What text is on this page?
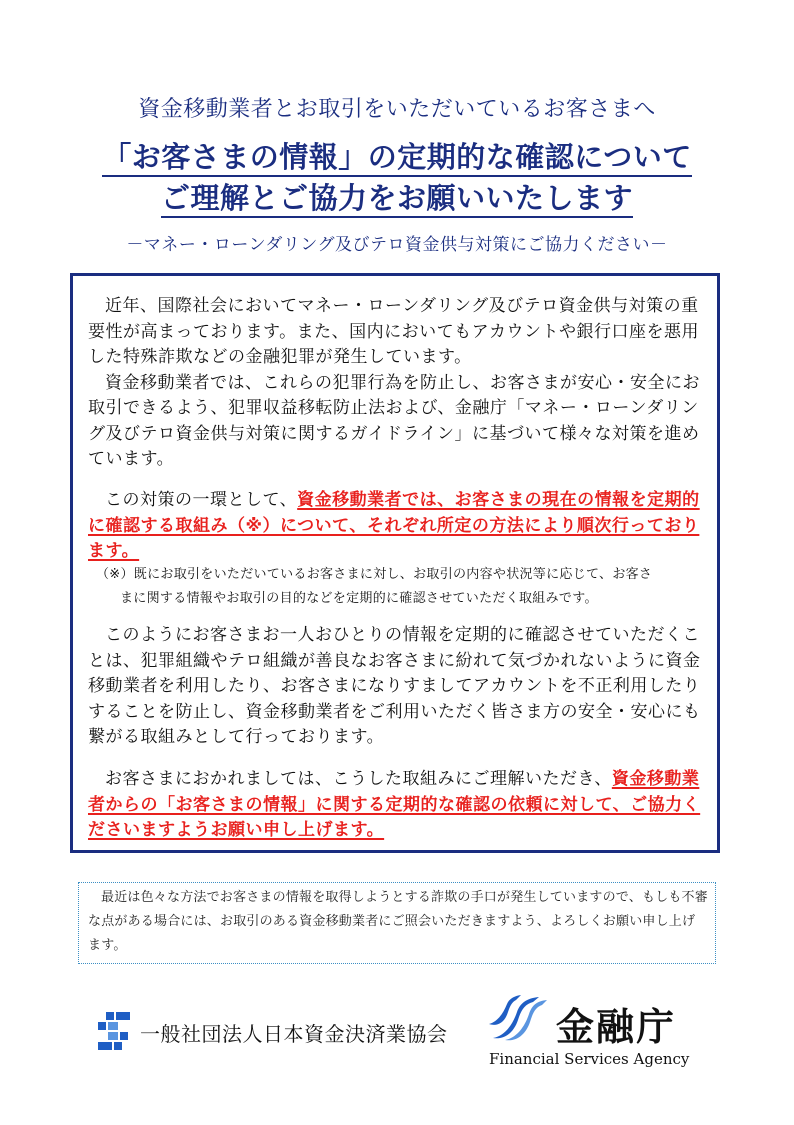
資金移動業者とお取引をいただいているお客さまへ
「お客さまの情報」の定期的な確認について
ご理解とご協力をお願いいたします
－マネー・ローンダリング及びテロ資金供与対策にご協力ください－

近年、国際社会においてマネー・ローンダリング及びテロ資金供与対策の重要性が高まっております。また、国内においてもアカウントや銀行口座を悪用した特殊詐欺などの金融犯罪が発生しています。

資金移動業者では、これらの犯罪行為を防止し、お客さまが安心・安全にお取引できるよう、犯罪収益移転防止法および、金融庁「マネー・ローンダリング及びテロ資金供与対策に関するガイドライン」に基づいて様々な対策を進めています。

この対策の一環として、資金移動業者では、お客さまの現在の情報を定期的に確認する取組み（※）について、それぞれ所定の方法により順次行っております。

（※）既にお取引をいただいているお客さまに対し、お取引の内容や状況等に応じて、お客さ
まに関する情報やお取引の目的などを定期的に確認させていただく取組みです。

このようにお客さまお一人おひとりの情報を定期的に確認させていただくことは、犯罪組織やテロ組織が善良なお客さまに紛れて気づかれないように資金移動業者を利用したり、お客さまになりすましてアカウントを不正利用したりすることを防止し、資金移動業者をご利用いただく皆さま方の安全・安心にも繋がる取組みとして行っております。

お客さまにおかれましては、こうした取組みにご理解いただき、資金移動業者からの「お客さまの情報」に関する定期的な確認の依頼に対して、ご協力くださいますようお願い申し上げます。

最近は色々な方法でお客さまの情報を取得しようとする詐欺の手口が発生していますので、もしも不審な点がある場合には、お取引のある資金移動業者にご照会いただきますよう、よろしくお願い申し上げます。

一般社団法人日本資金決済業協会	金融庁
Financial Services Agency
